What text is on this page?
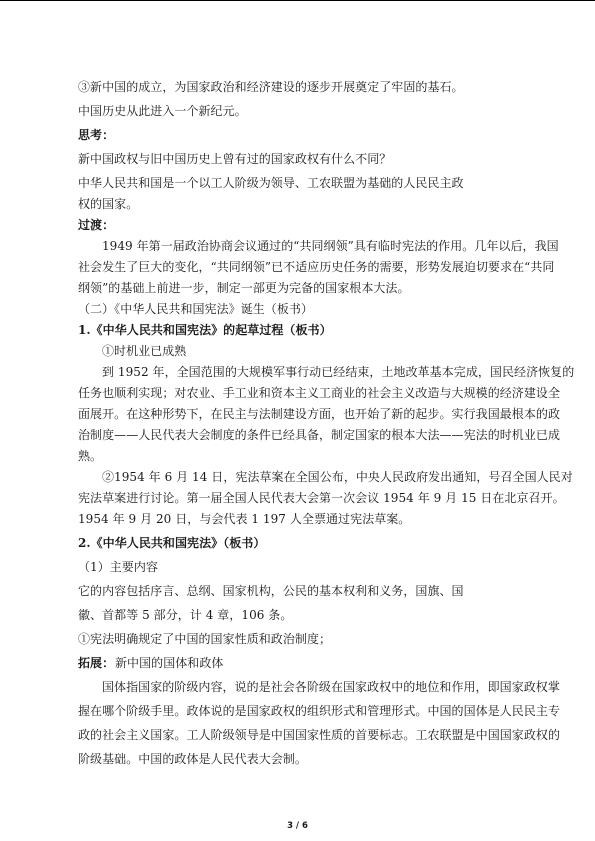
③新中国的成立，为国家政治和经济建设的逐步开展奠定了牢固的基石。
中国历史从此进入一个新纪元。
思考：
新中国政权与旧中国历史上曾有过的国家政权有什么不同？
中华人民共和国是一个以工人阶级为领导、工农联盟为基础的人民民主政
权的国家。
过渡：
1949 年第一届政治协商会议通过的“共同纲领”具有临时宪法的作用。几年以后，我国
社会发生了巨大的变化，“共同纲领”已不适应历史任务的需要，形势发展迫切要求在“共同
纲领”的基础上前进一步，制定一部更为完备的国家根本大法。
（二）《中华人民共和国宪法》诞生（板书）
1.《中华人民共和国宪法》的起草过程（板书）
①时机业已成熟
到 1952 年，全国范围的大规模军事行动已经结束，土地改革基本完成，国民经济恢复的
任务也顺利实现；对农业、手工业和资本主义工商业的社会主义改造与大规模的经济建设全
面展开。在这种形势下，在民主与法制建设方面，也开始了新的起步。实行我国最根本的政
治制度——人民代表大会制度的条件已经具备，制定国家的根本大法——宪法的时机业已成
熟。
②1954 年 6 月 14 日，宪法草案在全国公布，中央人民政府发出通知，号召全国人民对
宪法草案进行讨论。第一届全国人民代表大会第一次会议 1954 年 9 月 15 日在北京召开。
1954 年 9 月 20 日，与会代表 1 197 人全票通过宪法草案。
2.《中华人民共和国宪法》（板书）
（1）主要内容
它的内容包括序言、总纲、国家机构，公民的基本权利和义务，国旗、国
徽、首都等 5 部分，计 4 章，106 条。
①宪法明确规定了中国的国家性质和政治制度；
拓展： 新中国的国体和政体
国体指国家的阶级内容，说的是社会各阶级在国家政权中的地位和作用，即国家政权掌
握在哪个阶级手里。政体说的是国家政权的组织形式和管理形式。中国的国体是人民民主专
政的社会主义国家。工人阶级领导是中国国家性质的首要标志。工农联盟是中国国家政权的
阶级基础。中国的政体是人民代表大会制。
3 / 6
